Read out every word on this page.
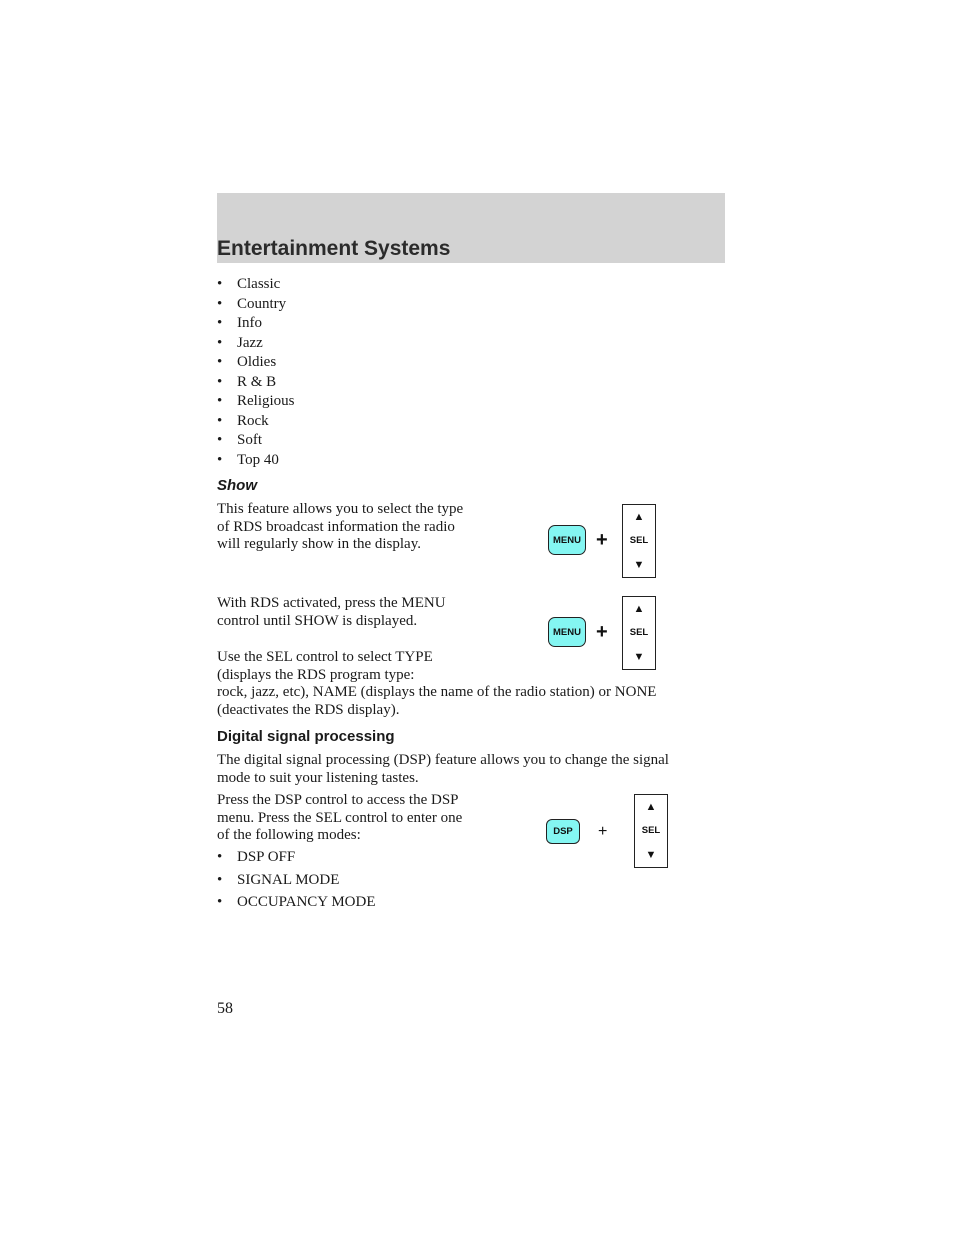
Entertainment Systems
• Classic
• Country
• Info
• Jazz
• Oldies
• R & B
• Religious
• Rock
• Soft
• Top 40
Show

This feature allows you to select the type of RDS broadcast information the radio will regularly show in the display.

With RDS activated, press the MENU control until SHOW is displayed.

Use the SEL control to select TYPE
(displays the RDS program type:
rock, jazz, etc), NAME (displays the name of the radio station) or NONE
(deactivates the RDS display).
MENU +
▲
SEL
▼
MENU +
▲
SEL
▼
Digital signal processing

The digital signal processing (DSP) feature allows you to change the signal mode to suit your listening tastes.

Press the DSP control to access the DSP menu. Press the SEL control to enter one of the following modes:

• DSP OFF
• SIGNAL MODE
• OCCUPANCY MODE
DSP	+
▲
SEL
▼
58
